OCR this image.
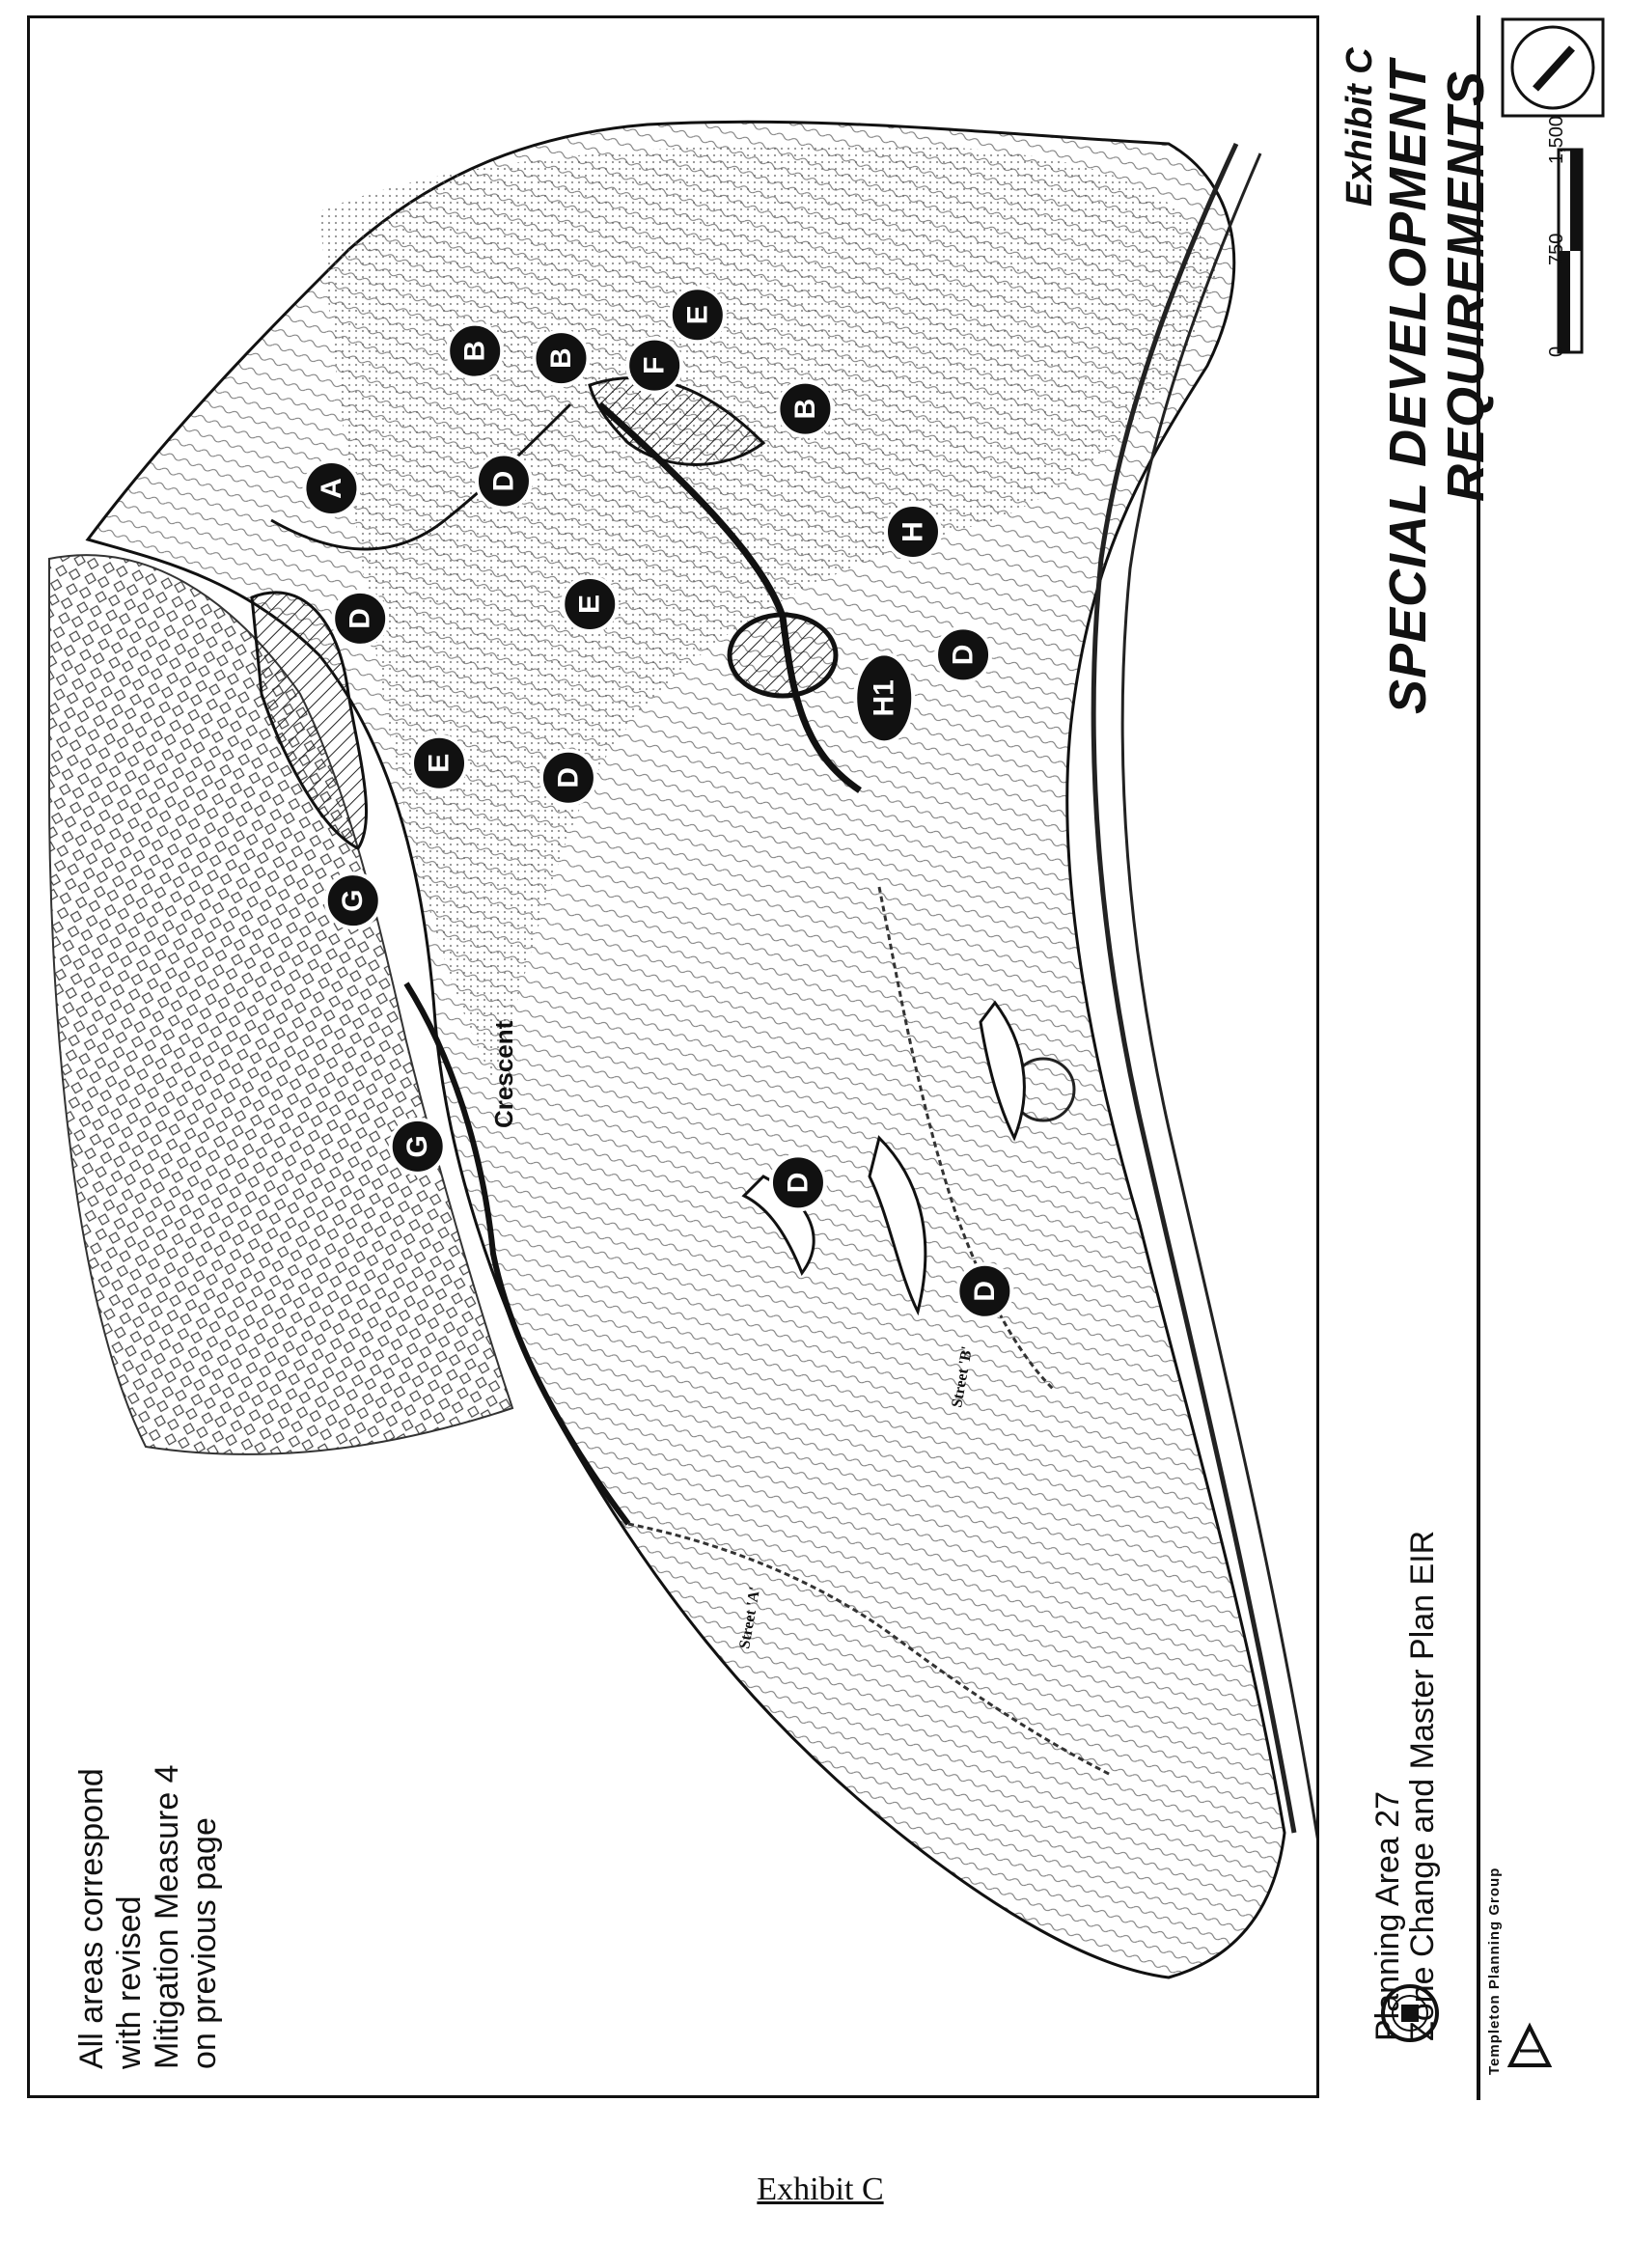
Crescent
Street 'A'
Street 'B'
A
B B
B
D
D
D
D
D
D
E
E
E
F
G
G
H
H1
All areas correspond with revised Mitigation Measure 4 on previous page	Planning Area 27
Zone Change and Master Plan EIR	Templeton Planning Group
Exhibit C SPECIAL DEVELOPMENT REQUIREMENTS	0
750
1,500
Exhibit C
